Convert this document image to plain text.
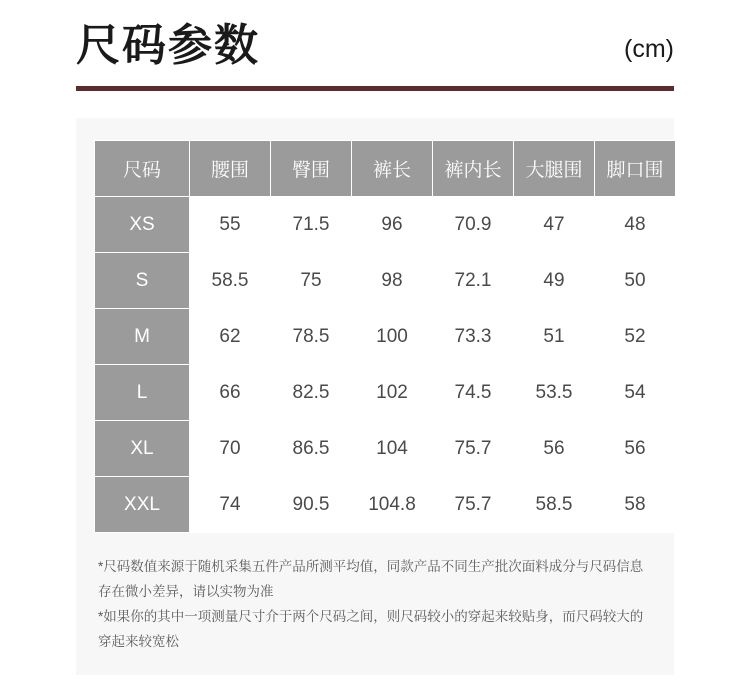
尺码参数	(cm)
尺码	腰围	臀围	裤长	裤内长	大腿围	脚口围
XS	55	71.5	96	70.9	47	48
S	58.5	75	98	72.1	49	50
M	62	78.5	100	73.3	51	52
L	66	82.5	102	74.5	53.5	54
XL	70	86.5	104	75.7	56	56
XXL	74	90.5	104.8	75.7	58.5	58

*尺码数值来源于随机采集五件产品所测平均值，同款产品不同生产批次面料成分与尺码信息存在微小差异，请以实物为准

*如果你的其中一项测量尺寸介于两个尺码之间，则尺码较小的穿起来较贴身，而尺码较大的穿起来较宽松
